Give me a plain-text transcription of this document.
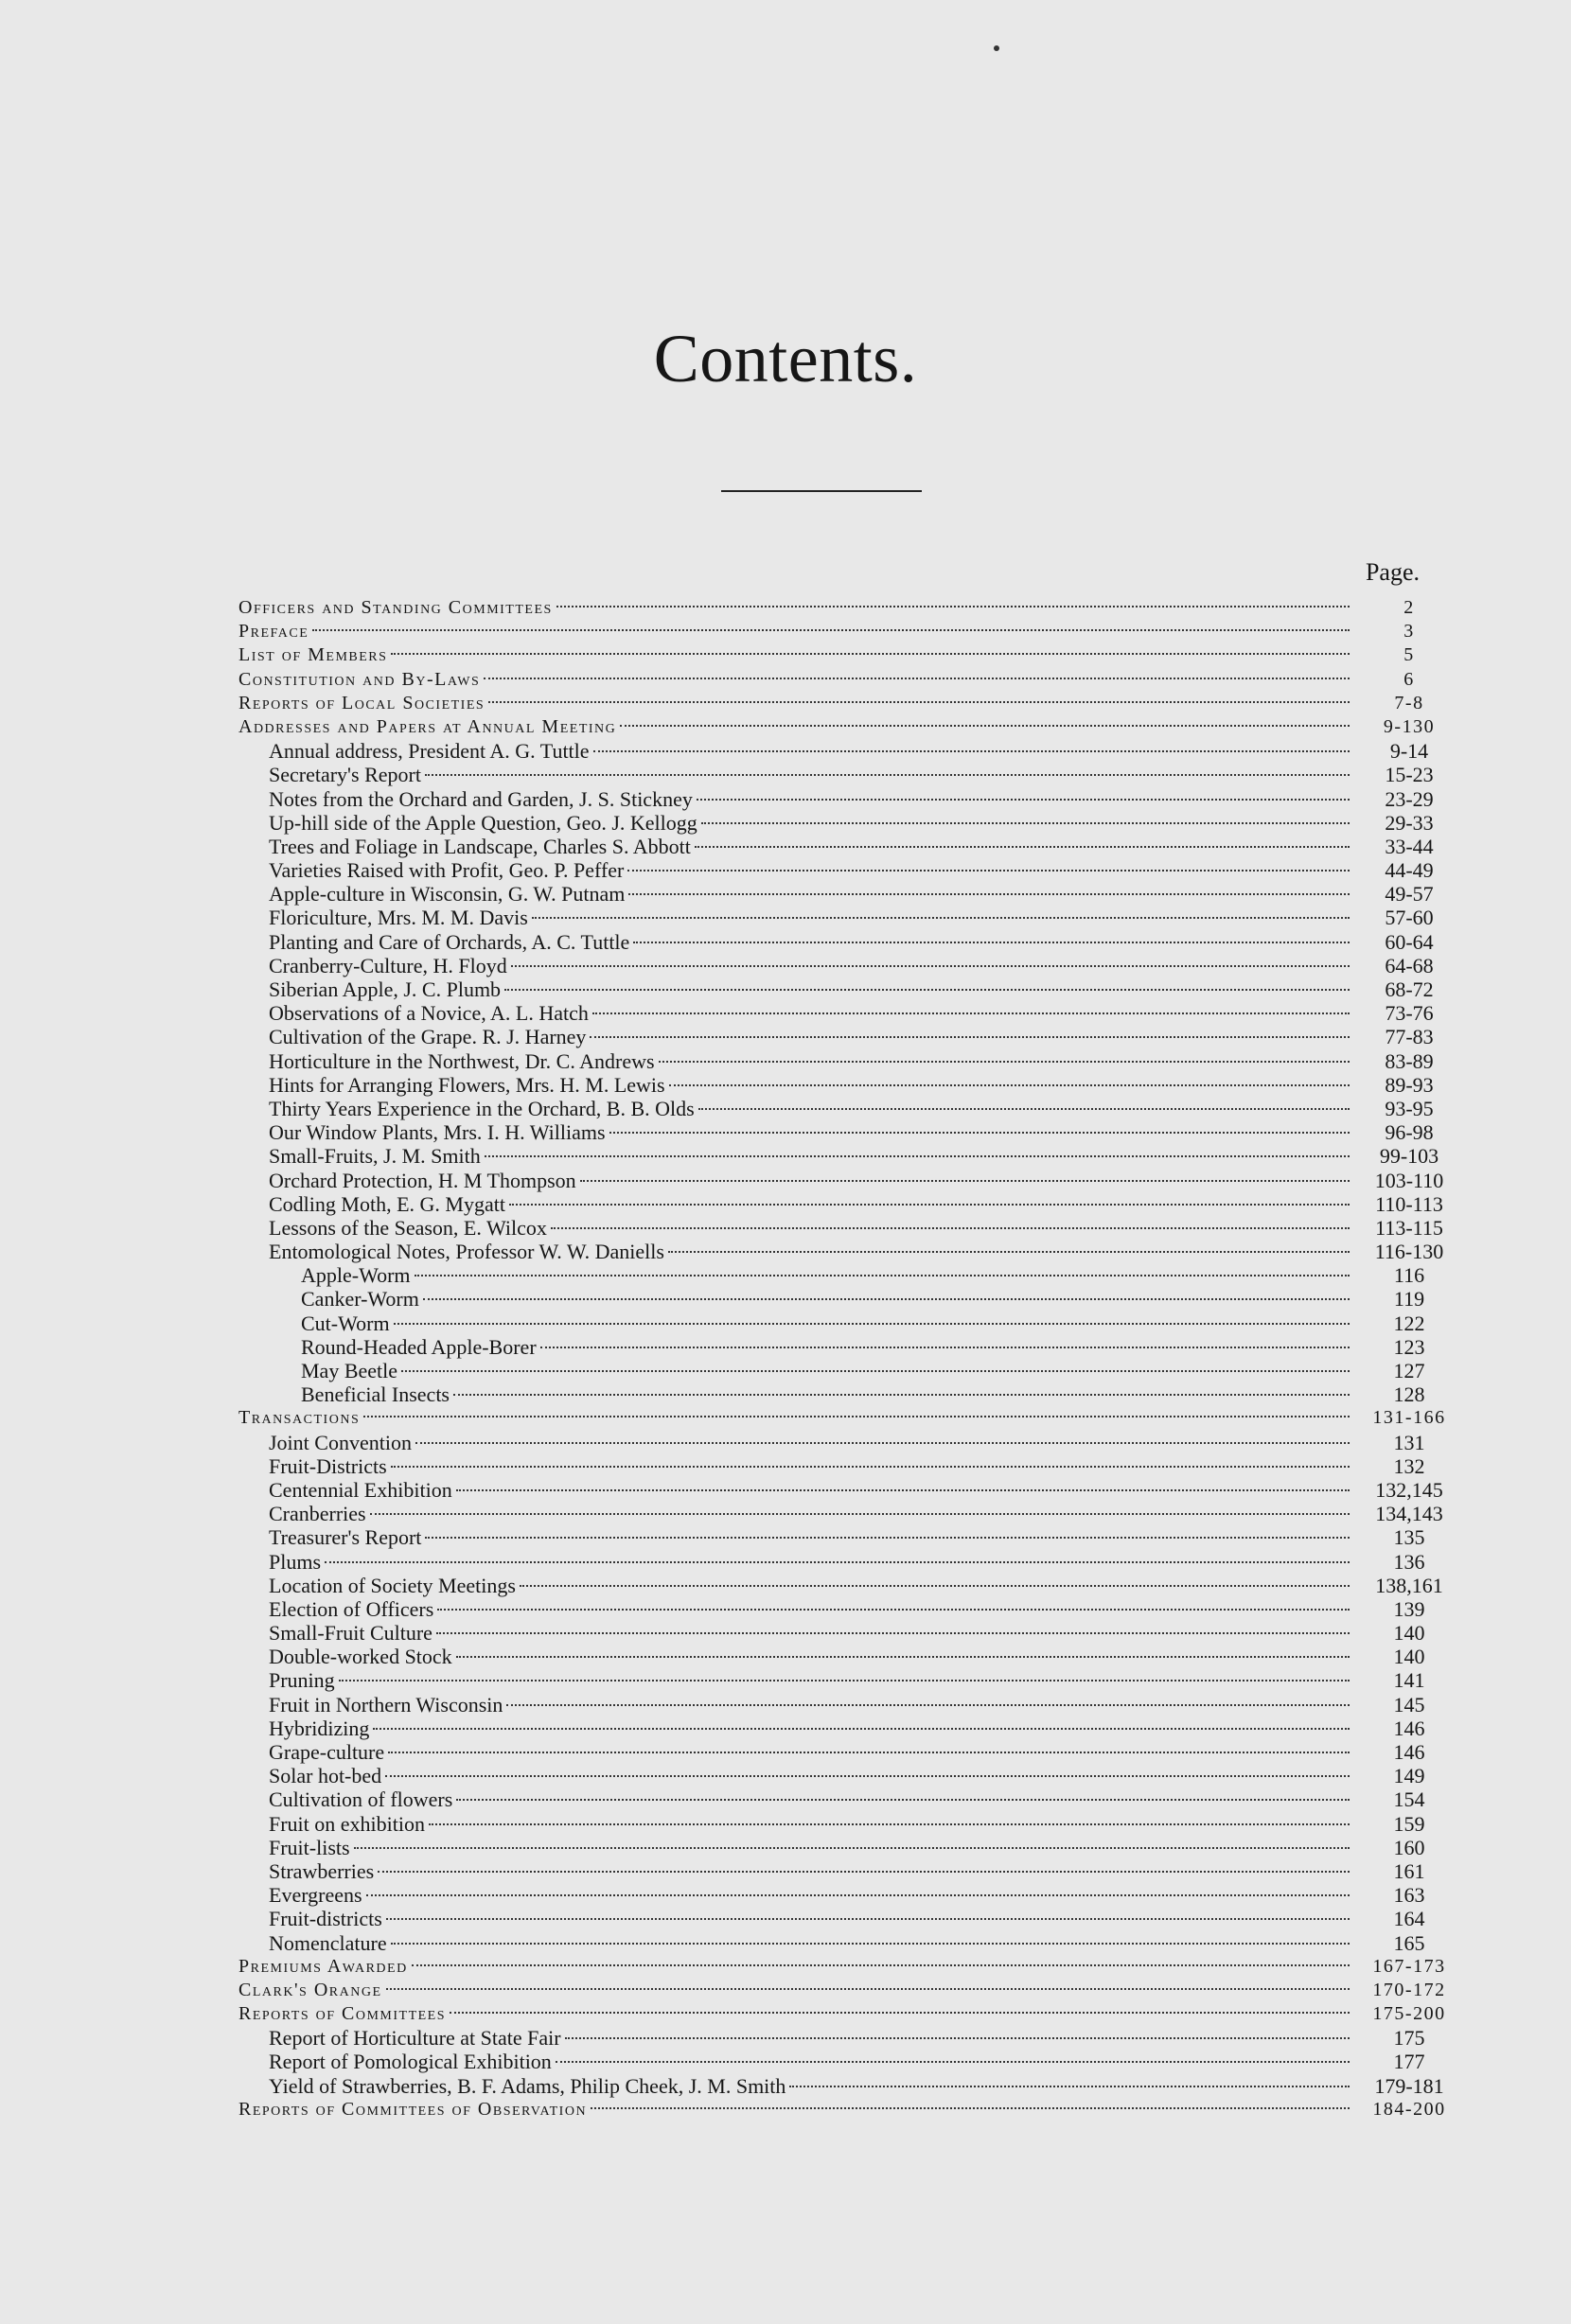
Contents.
Page.
Officers and Standing Committees	2
Preface	3
List of Members	5
Constitution and By-Laws	6
Reports of Local Societies	7-8
Addresses and Papers at Annual Meeting	9-130
Annual address, President A. G. Tuttle	9-14
Secretary's Report	15-23
Notes from the Orchard and Garden, J. S. Stickney	23-29
Up-hill side of the Apple Question, Geo. J. Kellogg	29-33
Trees and Foliage in Landscape, Charles S. Abbott	33-44
Varieties Raised with Profit, Geo. P. Peffer	44-49
Apple-culture in Wisconsin, G. W. Putnam	49-57
Floriculture, Mrs. M. M. Davis	57-60
Planting and Care of Orchards, A. C. Tuttle	60-64
Cranberry-Culture, H. Floyd	64-68
Siberian Apple, J. C. Plumb	68-72
Observations of a Novice, A. L. Hatch	73-76
Cultivation of the Grape. R. J. Harney	77-83
Horticulture in the Northwest, Dr. C. Andrews	83-89
Hints for Arranging Flowers, Mrs. H. M. Lewis	89-93
Thirty Years Experience in the Orchard, B. B. Olds	93-95
Our Window Plants, Mrs. I. H. Williams	96-98
Small-Fruits, J. M. Smith	99-103
Orchard Protection, H. M Thompson	103-110
Codling Moth, E. G. Mygatt	110-113
Lessons of the Season, E. Wilcox	113-115
Entomological Notes, Professor W. W. Daniells	116-130
Apple-Worm	116
Canker-Worm	119
Cut-Worm	122
Round-Headed Apple-Borer	123
May Beetle	127
Beneficial Insects	128
Transactions	131-166
Joint Convention	131
Fruit-Districts	132
Centennial Exhibition	132,145
Cranberries	134,143
Treasurer's Report	135
Plums	136
Location of Society Meetings	138,161
Election of Officers	139
Small-Fruit Culture	140
Double-worked Stock	140
Pruning	141
Fruit in Northern Wisconsin	145
Hybridizing	146
Grape-culture	146
Solar hot-bed	149
Cultivation of flowers	154
Fruit on exhibition	159
Fruit-lists	160
Strawberries	161
Evergreens	163
Fruit-districts	164
Nomenclature	165
Premiums Awarded	167-173
Clark's Orange	170-172
Reports of Committees	175-200
Report of Horticulture at State Fair	175
Report of Pomological Exhibition	177
Yield of Strawberries, B. F. Adams, Philip Cheek, J. M. Smith	179-181
Reports of Committees of Observation	184-200
